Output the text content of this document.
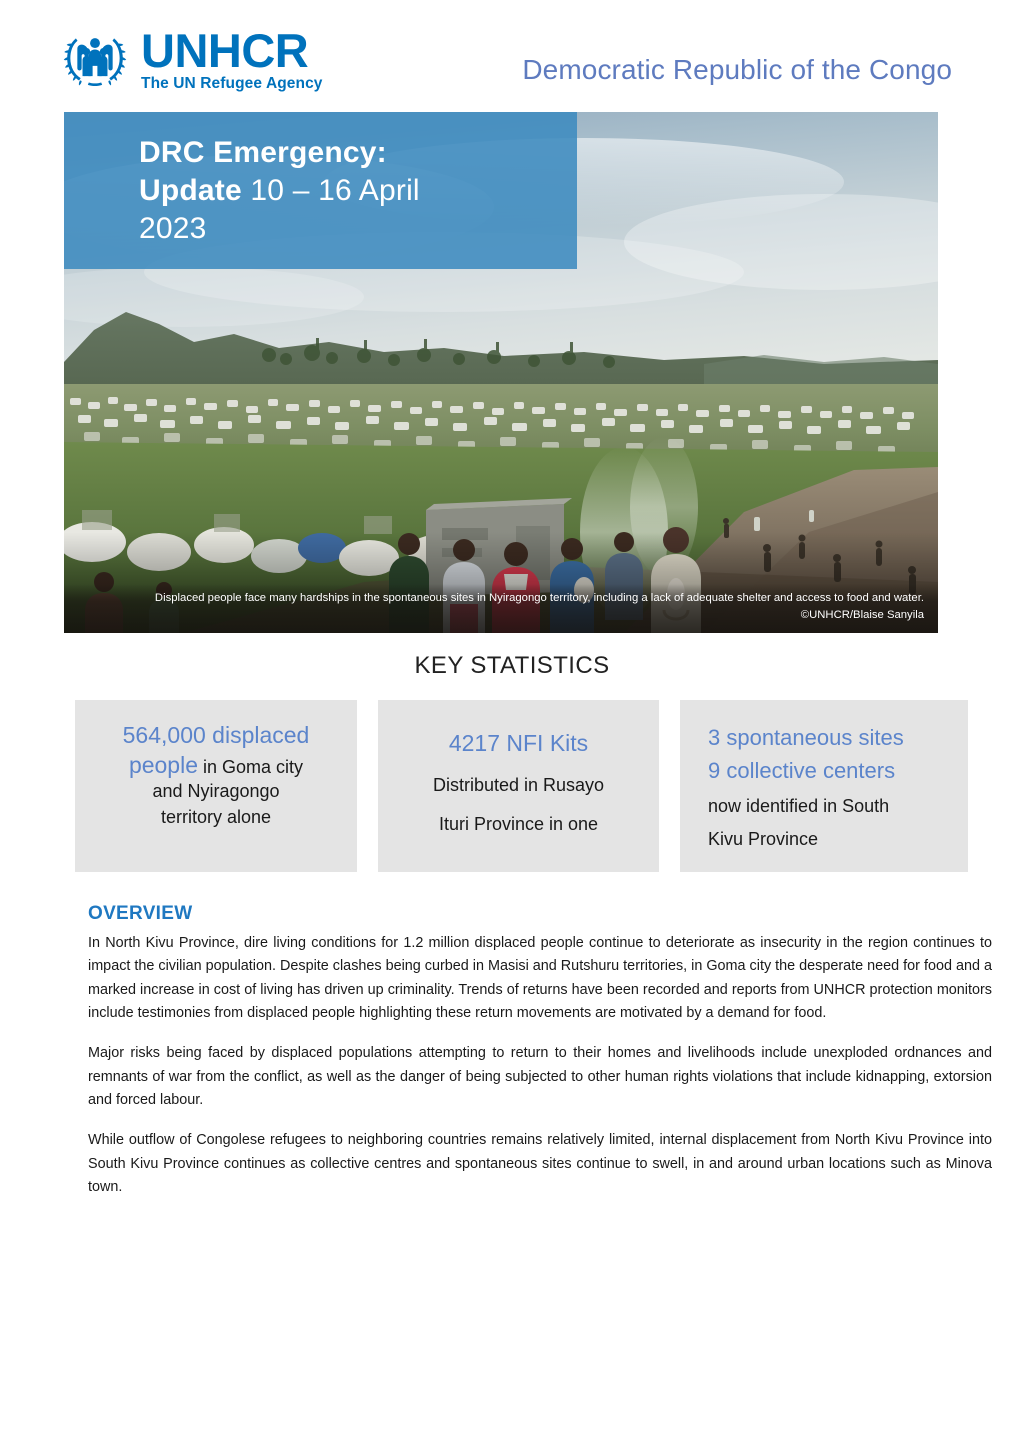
UNHCR
The UN Refugee Agency	Democratic Republic of the Congo
DRC Emergency:
Update 10 – 16 April
2023
Displaced people face many hardships in the spontaneous sites in Nyiragongo territory, including a lack of adequate shelter and access to food and water. ©UNHCR/Blaise Sanyila
KEY STATISTICS
564,000 displaced
people in Goma city
and Nyiragongo
territory alone
4217 NFI Kits
Distributed in Rusayo
Ituri Province in one
3 spontaneous sites
9 collective centers
now identified in South
Kivu Province
OVERVIEW

In North Kivu Province, dire living conditions for 1.2 million displaced people continue to deteriorate as insecurity in the region continues to impact the civilian population. Despite clashes being curbed in Masisi and Rutshuru territories, in Goma city the desperate need for food and a marked increase in cost of living has driven up criminality. Trends of returns have been recorded and reports from UNHCR protection monitors include testimonies from displaced people highlighting these return movements are motivated by a demand for food.

Major risks being faced by displaced populations attempting to return to their homes and livelihoods include unexploded ordnances and remnants of war from the conflict, as well as the danger of being subjected to other human rights violations that include kidnapping, extorsion and forced labour.

While outflow of Congolese refugees to neighboring countries remains relatively limited, internal displacement from North Kivu Province into South Kivu Province continues as collective centres and spontaneous sites continue to swell, in and around urban locations such as Minova town.
